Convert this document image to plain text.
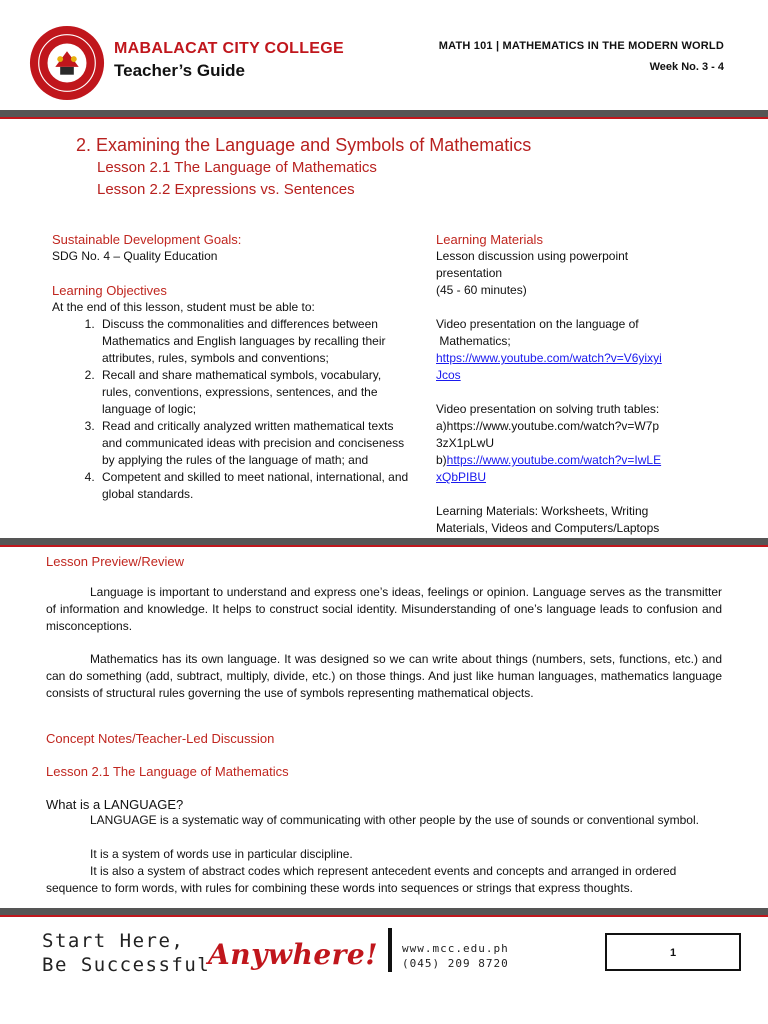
MABALACAT CITY COLLEGE
Teacher’s Guide
MATH 101 | MATHEMATICS IN THE MODERN WORLD
Week No. 3 - 4
2. Examining the Language and Symbols of Mathematics
Lesson 2.1 The Language of Mathematics
Lesson 2.2 Expressions vs. Sentences

Sustainable Development Goals:

SDG No. 4 – Quality Education

Learning Objectives

At the end of this lesson, student must be able to:

1. Discuss the commonalities and differences between Mathematics and English languages by recalling their attributes, rules, symbols and conventions;
2. Recall and share mathematical symbols, vocabulary, rules, conventions, expressions, sentences, and the language of logic;
3. Read and critically analyzed written mathematical texts and communicated ideas with precision and conciseness by applying the rules of the language of math; and
4. Competent and skilled to meet national, international, and global standards.

Learning Materials

Lesson discussion using powerpoint

presentation

(45 - 60 minutes)

Video presentation on the language of

Mathematics;

https://www.youtube.com/watch?v=V6yixyi

Jcos

Video presentation on solving truth tables:

a)https://www.youtube.com/watch?v=W7p

3zX1pLwU

b)https://www.youtube.com/watch?v=IwLE

xQbPIBU

Learning Materials: Worksheets, Writing

Materials, Videos and Computers/Laptops

Lesson Preview/Review
Language is important to understand and express one’s ideas, feelings or opinion. Language serves as the transmitter of information and knowledge. It helps to construct social identity. Misunderstanding of one’s language leads to confusion and misconceptions.
Mathematics has its own language. It was designed so we can write about things (numbers, sets, functions, etc.) and can do something (add, subtract, multiply, divide, etc.) on those things. And just like human languages, mathematics language consists of structural rules governing the use of symbols representing mathematical objects.
Concept Notes/Teacher-Led Discussion
Lesson 2.1 The Language of Mathematics
What is a LANGUAGE?
LANGUAGE is a systematic way of communicating with other people by the use of sounds or conventional symbol.
It is a system of words use in particular discipline.
It is also a system of abstract codes which represent antecedent events and concepts and arranged in ordered sequence to form words, with rules for combining these words into sequences or strings that express thoughts.
Start Here,
Be Successful
Anywhere! www.mcc.edu.ph
(045) 209 8720
1
